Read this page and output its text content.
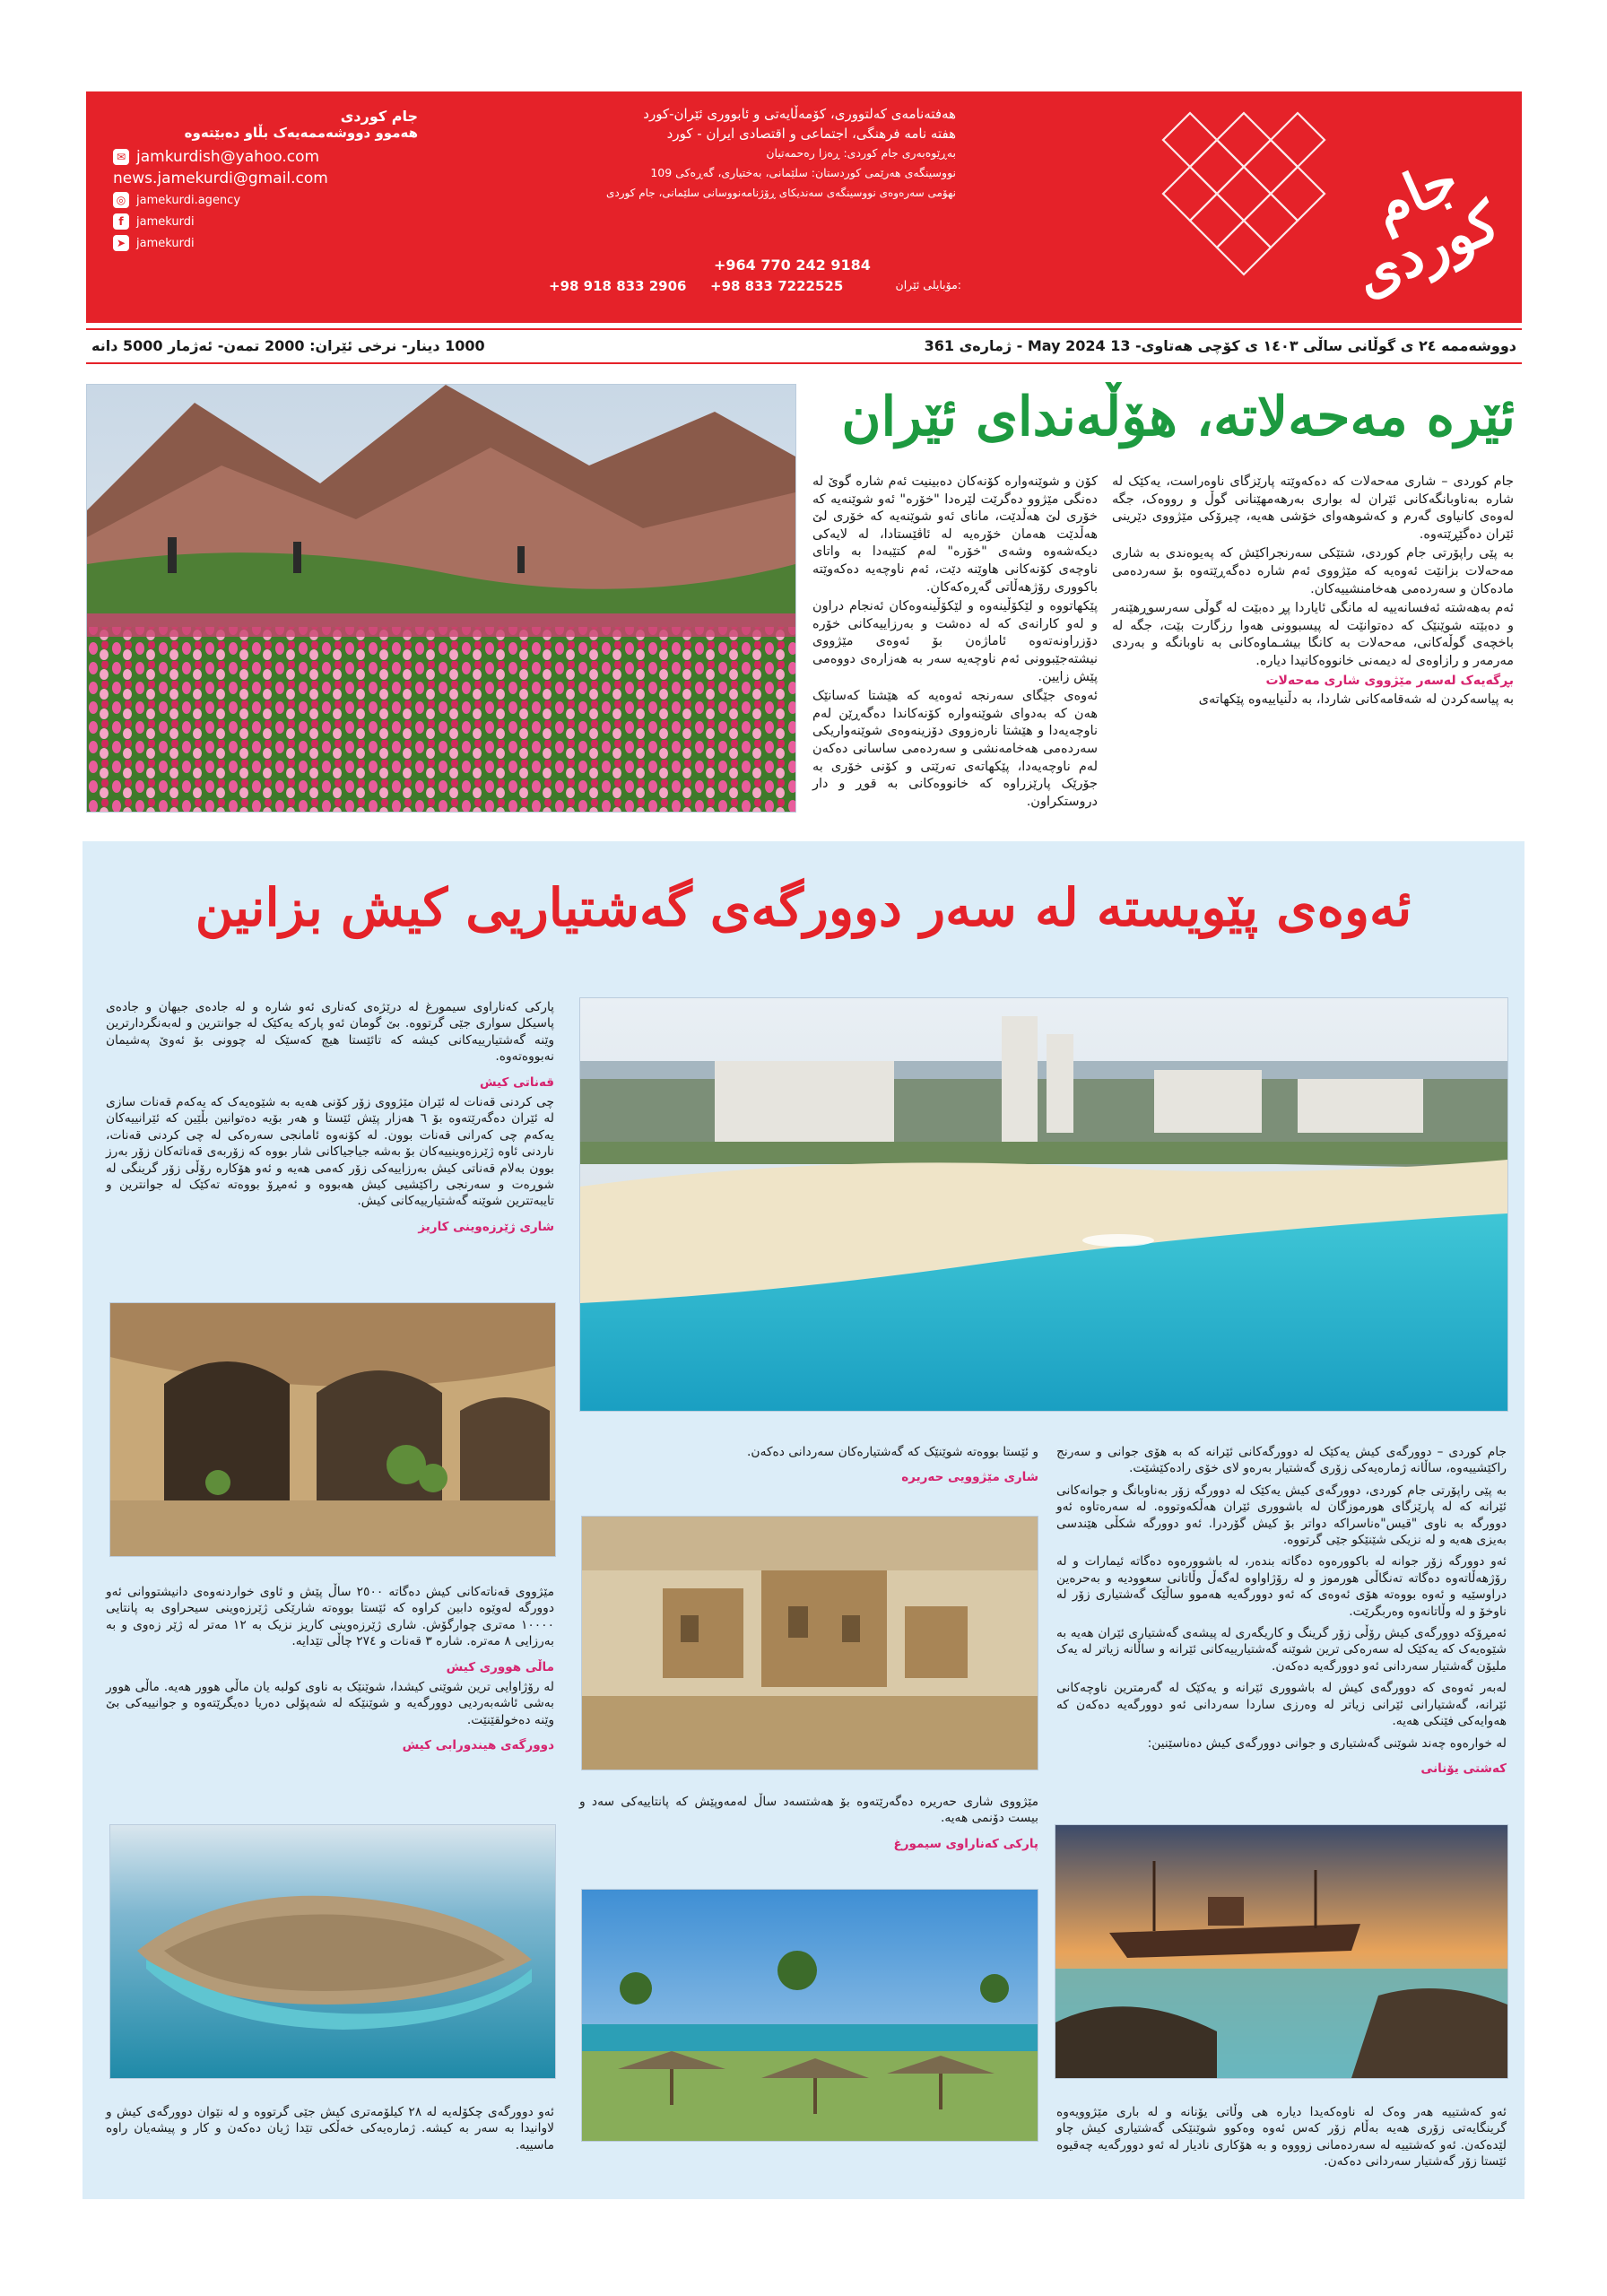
جام کوردی
هەفتەنامەی کەلتووری، کۆمەڵایەتی و ئابووری ئێران-کورد
هفته نامه فرهنگی، اجتماعی و اقتصادی ایران - کورد
بەڕێوەبەری جام کوردی: ڕەزا رەحمەتیان
نووسینگەی هەرێمی کوردستان: سلێمانی، بەختیاری، گەڕەکی 109
نهۆمی سەرەوەی نووسینگەی سەندیکای ڕۆژنامەنووسانی سلێمانی، جام کوردی
+964 770 242 9184
مۆبایلی ئێران:
+98 833 7222525
+98 918 833 2906
جام کوردی
هەموو دووشەممەیەک بڵاو دەبێتەوە
✉ jamkurdish@yahoo.com
news.jamekurdi@gmail.com
◎ jamekurdi.agency
f	jamekurdi
➤ jamekurdi
دووشەممە ٢٤ ی گوڵانی ساڵی ١٤٠٣ ی کۆچی هەتاوی- 13 May 2024 - ژمارەی 361
1000 دینار- نرخی ئێران: 2000 تمەن- ئەژمار 5000 دانه
ئێرە مەحەلاتە، هۆڵەندای ئێران

جام کوردی – شاری مەحەلات کە دەکەوێتە پارێزگای ناوەراست، یەکێک لە شارە بەناوبانگەکانی ئێران لە بواری بەرهەمهێنانی گوڵ و رووەک، جگە لەوەی کانیاوی گەرم و کەشوهەوای خۆشی هەیە، چیرۆکی مێژووی دێرینی ئێران دەگێڕێتەوە.

بە پێی راپۆرتی جام کوردی، شتێکی سەرنجراکێش کە پەیوەندی بە شاری مەحەلات بزانێت ئەوەیە کە مێژووی ئەم شارە دەگەڕێتەوە بۆ سەردەمی مادەکان و سەردەمی هەخامنشییەکان.

ئەم بەهەشتە ئەفسانەییە لە مانگی ئایاردا پڕ دەبێت لە گوڵی سەرسوڕهێنەر و دەبێتە شوێنێک کە دەتوانێت لە پیسبوونی هەوا رزگارت بێت، جگە لە باخچەی گوڵەکانی، مەحەلات بە کانگا بیشـماوەکانی بە ناوبانگە و بەردی مەرمەر و رازاوەی لە دیمەنی خانووەکانیدا دیارە.

بڕگەیەک لەسەر مێژووی شاری مەحەلات

بە پیاسەکردن لە شەقامەکانی شاردا، بە دڵنیاییەوە پێکهاتەی

کۆن و شوێنەوارە کۆنەکان دەبینیت ئەم شارە گوێ لە دەنگی مێژوو دەگرێت لێرەدا "خۆرە" ئەو شوێنەیە کە خۆری لێ هەڵدێت، مانای ئەو شوێنەیە کە خۆری لێ هەڵدێت هەمان خۆرەیە لە ئاڤێستادا، لە لایەکی دیکەشەوە وشەی "خۆرە" لەم کتێبەدا بە واتای ناوچەی کۆنەکانی هاوێنە دێت، ئەم ناوچەیە دەکەوێتە باکووری رۆژهەڵاتی گەڕەکەکان.

پێکهاتووە و لێکۆڵینەوە و لێکۆڵینەوەکان ئەنجام دراون و لەو کارانەی کە لە دەشت و بەرزاییەکانی خۆرە دۆزراونەتەوە ئاماژەن بۆ ئەوەی مێژووی نیشتەجێبوونی ئەم ناوچەیە سەر بە هەزارەی دووەمی پێش زایین.

ئەوەی جێگای سەرنجە ئەوەیە کە هێشتا کەسانێک هەن کە بەدوای شوێنەوارە کۆنەکاندا دەگەڕێن لەم ناوچەیەدا و هێشتا نارەزووی دۆزینەوەی شوێنەواریکی سەردەمی هەخامەنشی و سەردەمی ساسانی دەکەن لەم ناوچەیەدا، پێکهاتەی تەرێتی و کۆنی خۆری بە جۆرێک پارێزراوە کە خانووەکانی بە قوڕ و دار دروستکراون.

ئەوەی پێویستە لە سەر دوورگەی گەشتیاریی کیش بزانین

پارکی کەناراوی سیمورغ لە درێژەی کەناری ئەو شارە و لە جادەی جیهان و جادەی پاسیکل سواری جێی گرتووە. بێ گومان ئەو پارکە یەکێک لە جوانترین و لەبەنگردارترین وێنە گەشتیارییەکانی کیشە کە تائێستا هیچ کەسێک لە چوونی بۆ ئەوێ پەشیمان نەبووەتەوە.

قەناتی کیش

چی کردنی قەنات لە ئێران مێژووی زۆر کۆنی هەیە بە شێوەیەک کە یەکەم قەنات سازی لە ئێران دەگەرێتەوە بۆ ٦ هەزار پێش ئێستا و هەر بۆیە دەتوانین بڵێین کە ئێرانییەکان یەکەم چی کەرانی قەنات بوون. لە کۆنەوە ئامانجی سەرەکی لە چی کردنی قەنات، ناردنی ئاوە ژێرزەوینییەکان بۆ بەشە جیاجیاکانی شار بووە کە زۆربەی قەناتەکان زۆر بەرز بوون بەلام قەناتی کیش بەرزاییەکی زۆر کەمی هەیە و ئەو هۆکارە رۆڵی زۆر گرینگی لە شوڕەت و سەرنجی راکێشیی کیش هەبووە و ئەمڕۆ بووەتە تەکێک لە جوانترین و تایبەتترین شوێنە گەشتیارییەکانی کیش.

شاری ژێرزەوینی کاریز

مێژووی قەناتەکانی کیش دەگاتە ٢٥٠٠ ساڵ پێش و ئاوی خواردنەوەی دانیشتووانی ئەو دوورگە لەوێوە دابین کراوە کە ئێستا بووەتە شارێکی ژێرزەوینی سیحراوی بە پانتایی ١٠٠٠٠ مەتری چوارگۆش. شاری ژێرزەوینی کاریز نزیک بە ١٢ مەتر لە ژێر زەوی و بە بەرزایی ٨ مەترە. شارە ٣ قەنات و ٢٧٤ چاڵی تێدایە.

ماڵی هووری کیش

لە رۆژاوایی ترین شوێنی کیشدا، شوێنێک بە ناوی کولبە یان ماڵی هوور هەیە. ماڵی هوور بەشی ئاشەبەردیی دوورگەیە و شوێنێکە لە شەپۆلی دەریا دەیگرێتەوە و جوانییەکی بێ وێنە دەخولقێنێت.

دوورگەی هیندورابی کیش

ئەو دوورگەی چکۆلەیە لە ٢٨ کیلۆمەتری کیش جێی گرتووە و لە نێوان دوورگەی کیش و لاوانیدا بە سەر بە کیشە. ژمارەیەکی خەڵکی تێدا ژیان دەکەن و کار و پیشەیان راوە ماسییە.

و ئێستا بووەتە شوێنێک کە گەشتیارەکان سەردانی دەکەن.

شاری مێژوویی حەریرە

مێژووی شاری حەریرە دەگەرێتەوە بۆ هەشتسەد ساڵ لەمەوپێش کە پانتاییەکی سەد و بیست دۆنمی هەیە.

پارکی کەناراوی سیمورغ

جام کوردی – دوورگەی کیش یەکێک لە دوورگەکانی ئێرانە کە بە هۆی جوانی و سەرنج راکێشییەوە، ساڵانە ژمارەیەکی زۆری گەشتیار بەرەو لای خۆی رادەکێشێت.

بە پێی راپۆرتی جام کوردی، دوورگەی کیش یەکێک لە دوورگە زۆر بەناوبانگ و جوانەکانی ئێرانە کە لە پارێزگای هورموزگان لە باشووری ئێران هەڵکەوتووە. لە سەرەتاوە ئەو دوورگە بە ناوی "قیس"ەناسراکە دواتر بۆ کیش گۆردرا. ئەو دوورگە شکڵی هێندسی بەیزی هەیە و لە نزیکی شێنێکو جێی گرتووە.

ئەو دوورگە زۆر جوانە لە باکوورەوە دەگاتە بندەر، لە باشوورەوە دەگاتە ئیمارات و لە رۆژهەڵاتەوە دەگاتە تەنگاڵی هورموز و لە رۆژاواوە لەگەڵ وڵاتانی سعوودیە و بەحرەین دراوسێیە و ئەوە بووەتە هۆی ئەوەی کە ئەو دوورگەیە هەموو ساڵێک گەشتیاری زۆر لە ناوخۆ و لە وڵاتانەوە وەربگرێت.

ئەمڕۆکە دوورگەی کیش رۆڵی زۆر گرینگ و کاریگەری لە پیشەی گەشتیاری ئێران هەیە بە شێوەیەک کە یەکێک لە سەرەکی ترین شوێنە گەشتیارییەکانی ئێرانە و ساڵانە زیاتر لە یەک ملیۆن گەشتیار سەردانی ئەو دوورگەیە دەکەن.

لەبەر ئەوەی کە دوورگەی کیش لە باشووری ئێرانە و یەکێک لە گەرمترین ناوچەکانی ئێرانە، گەشتیارانی ئێرانی زیاتر لە وەرزی ساردا سەردانی ئەو دوورگەیە دەکەن کە هەوایەکی فێنکی هەیە.

لە خوارەوە چەند شوێنی گەشتیاری و جوانی دوورگەی کیش دەناسێنین:

کەشتی یۆنانی

ئەو کەشتییە هەر وەک لە ناوەکەیدا دیارە هی وڵاتی یۆنانە و لە باری مێژوویەوە گرینگایەتی زۆری هەیە بەڵام زۆر کەس ئەوە وەکوو شوێنێکی گەشتیاری کیش چاو لێدەکەن. ئەو کەشتییە لە سەردەمانی زوووە و بە هۆکاری نادیار لە ئەو دوورگەیە چەقیوە ئێستا زۆر گەشتیار سەردانی دەکەن.
